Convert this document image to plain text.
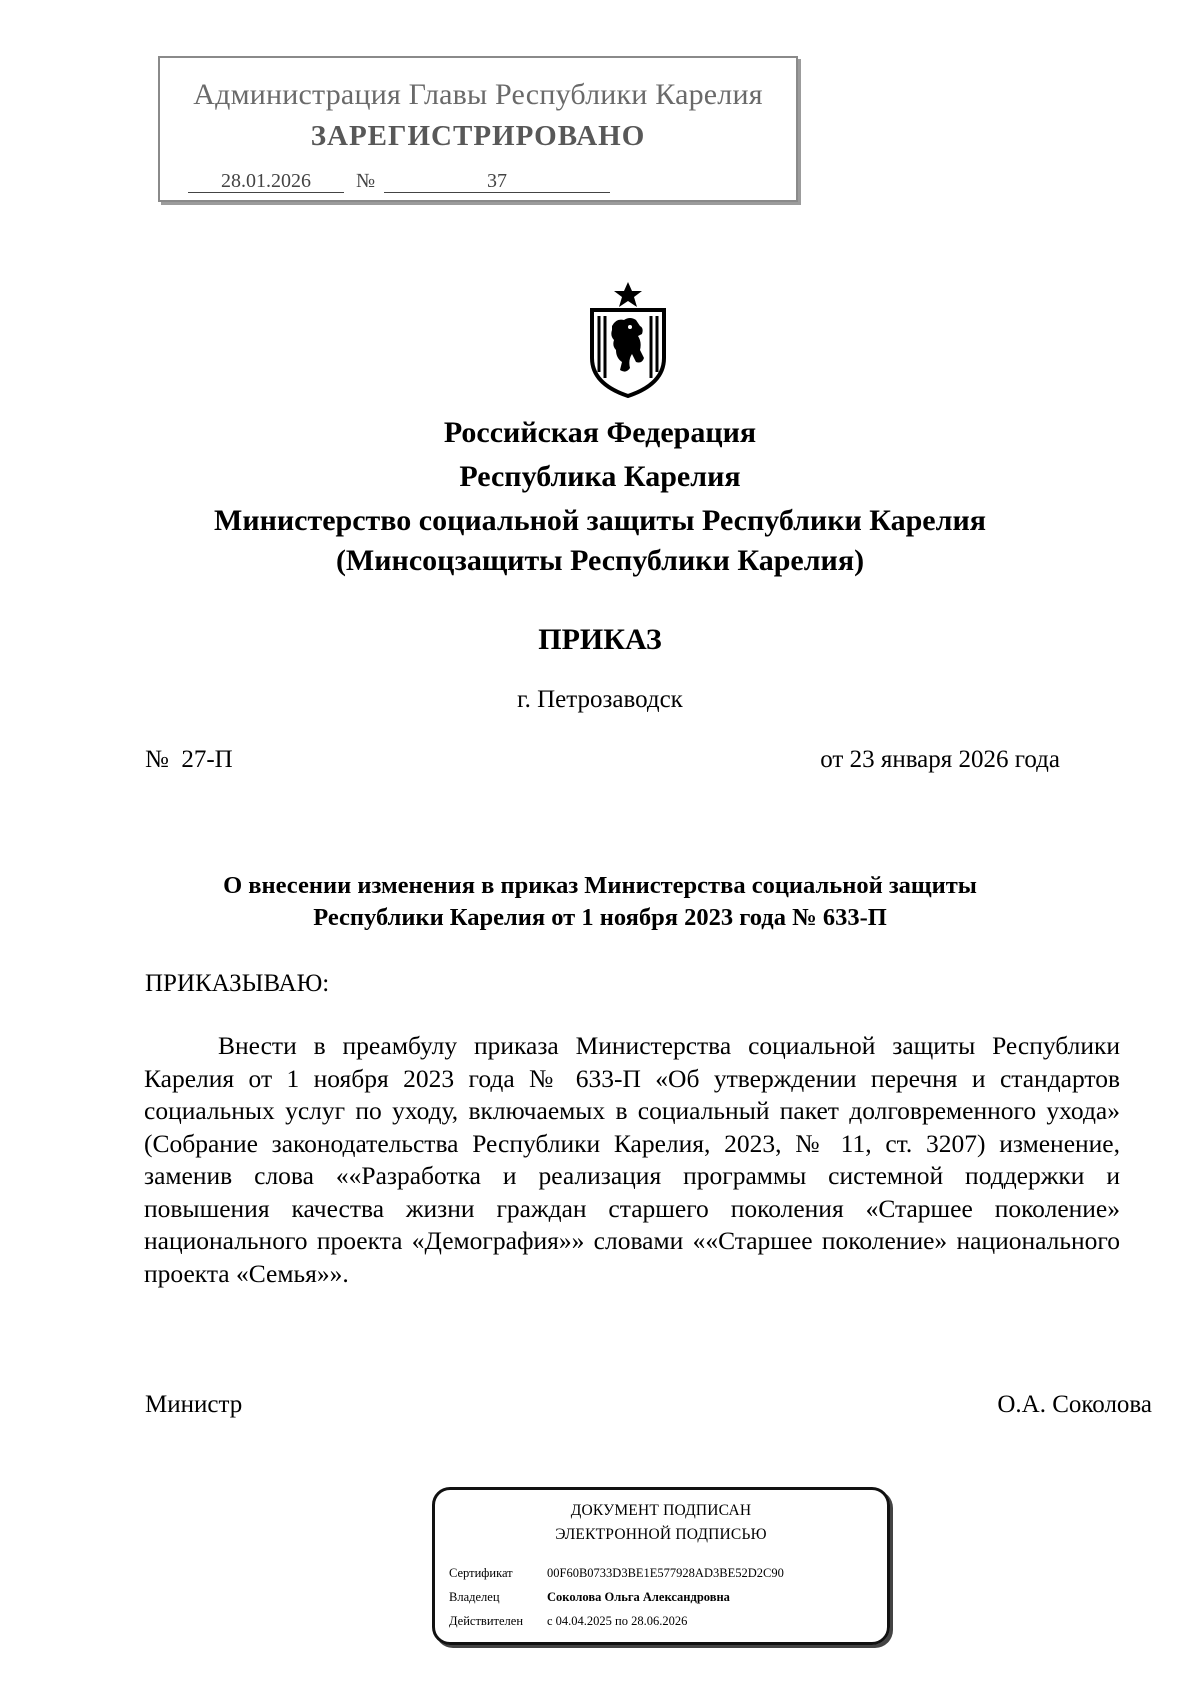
Администрация Главы Республики Карелия
ЗАРЕГИСТРИРОВАНО
28.01.2026	№	37
Российская Федерация
Республика Карелия
Министерство социальной защиты Республики Карелия
(Минсоцзащиты Республики Карелия)
ПРИКАЗ
г. Петрозаводск
№  27-П	от 23 января 2026 года
О внесении изменения в приказ Министерства социальной защиты
Республики Карелия от 1 ноября 2023 года № 633-П
ПРИКАЗЫВАЮ:
Внести в преамбулу приказа Министерства социальной защиты Республики Карелия от 1 ноября 2023 года № 633-П «Об утверждении перечня и стандартов социальных услуг по уходу, включаемых в социальный пакет долговременного ухода» (Собрание законодательства Республики Карелия, 2023, № 11, ст. 3207) изменение, заменив слова ««Разработка и реализация программы системной поддержки и повышения качества жизни граждан старшего поколения «Старшее поколение» национального проекта «Демография»» словами ««Старшее поколение» национального проекта «Семья»».
Министр	О.А. Соколова
ДОКУМЕНТ ПОДПИСАН
ЭЛЕКТРОННОЙ ПОДПИСЬЮ
Сертификат	00F60B0733D3BE1E577928AD3BE52D2C90
Владелец	Соколова Ольга Александровна
Действителен с 04.04.2025 по 28.06.2026
